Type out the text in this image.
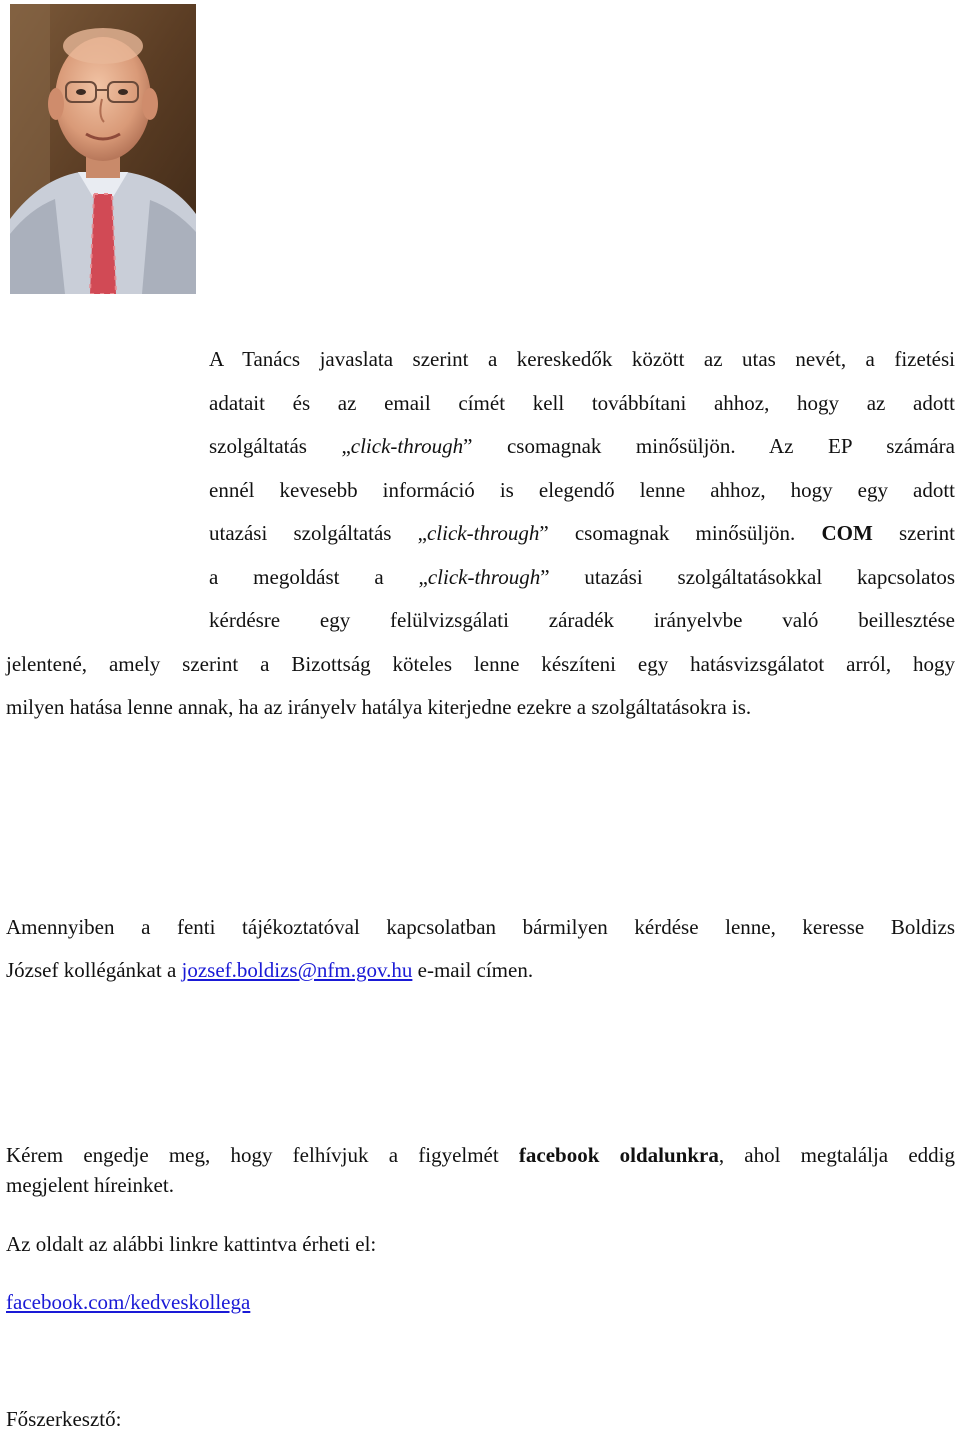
A Tanács javaslata szerint a kereskedők között az utas nevét, a fizetési
adatait és az email címét kell továbbítani ahhoz, hogy az adott
szolgáltatás „click-through” csomagnak minősüljön. Az EP számára
ennél kevesebb információ is elegendő lenne ahhoz, hogy egy adott
utazási szolgáltatás „click-through” csomagnak minősüljön. COM szerint
a megoldást a „click-through” utazási szolgáltatásokkal kapcsolatos
kérdésre egy felülvizsgálati záradék irányelvbe való beillesztése
jelentené, amely szerint a Bizottság köteles lenne készíteni egy hatásvizsgálatot arról, hogy
milyen hatása lenne annak, ha az irányelv hatálya kiterjedne ezekre a szolgáltatásokra is.
Amennyiben a fenti tájékoztatóval kapcsolatban bármilyen kérdése lenne, keresse Boldizs
József kollégánkat a jozsef.boldizs@nfm.gov.hu e-mail címen.
Kérem engedje meg, hogy felhívjuk a figyelmét facebook oldalunkra, ahol megtalálja eddig
megjelent híreinket.
Az oldalt az alábbi linkre kattintva érheti el:
facebook.com/kedveskollega
Főszerkesztő:
